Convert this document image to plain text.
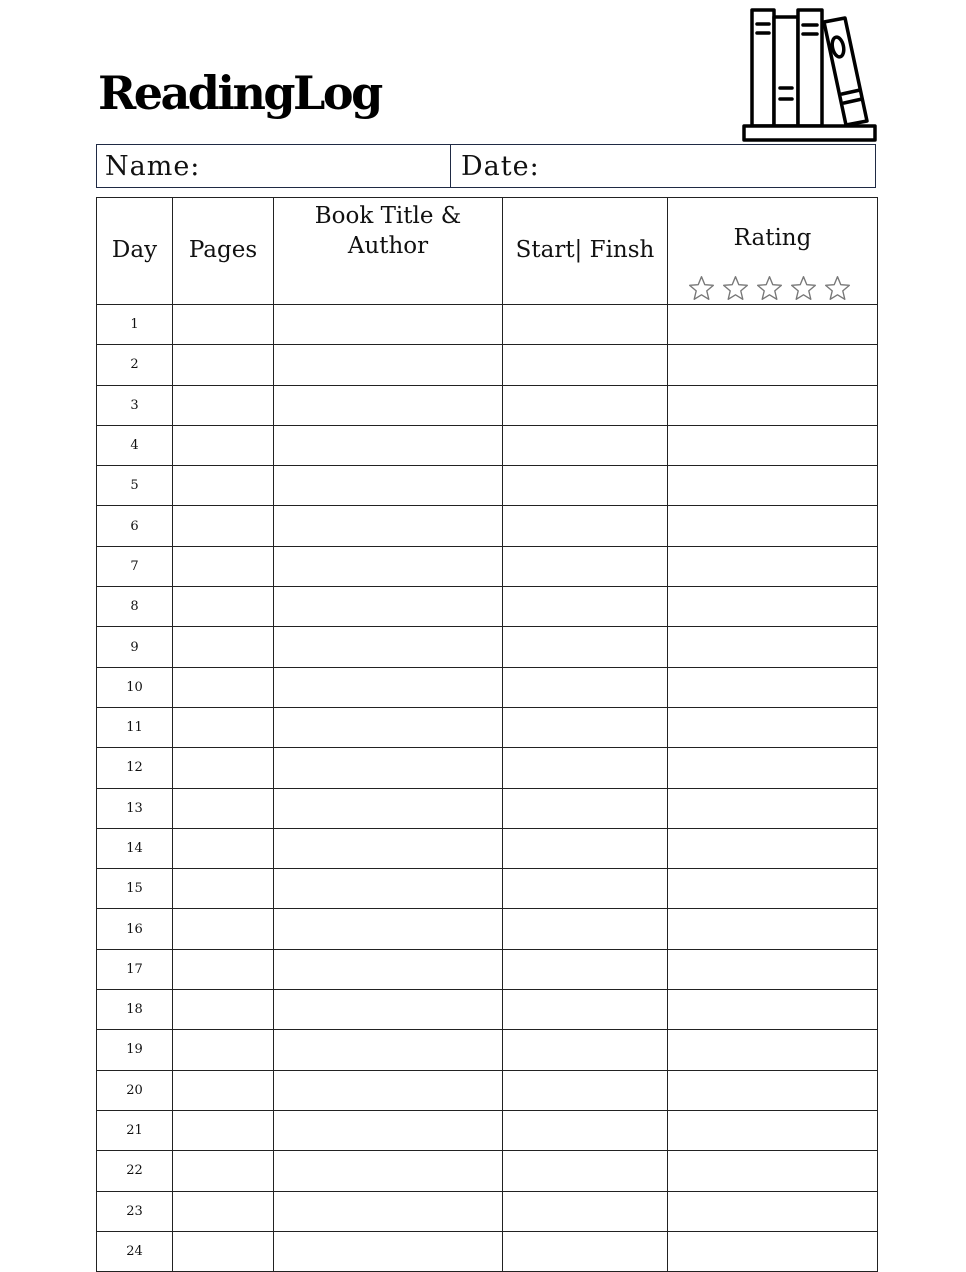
ReadingLog
Name:	Date:
Day	Pages	Book Title & Author	Start| Finsh	Rating

1				
2				
3				
4				
5				
6				
7				
8				
9				
10				
11				
12				
13				
14				
15				
16				
17				
18				
19				
20				
21				
22				
23				
24				
